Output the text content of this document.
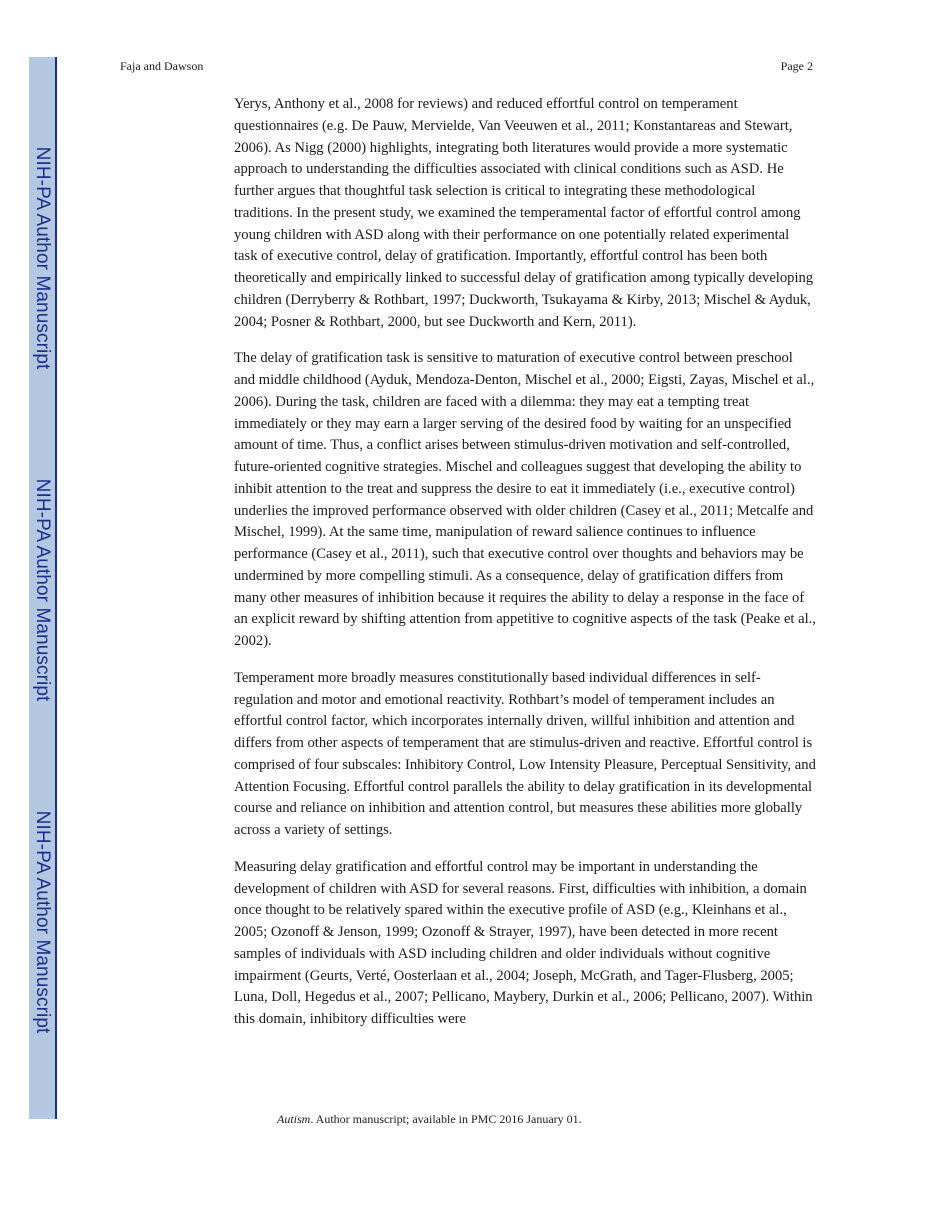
NIH-PA Author Manuscript
NIH-PA Author Manuscript
NIH-PA Author Manuscript
Faja and Dawson	Page 2

Yerys, Anthony et al., 2008 for reviews) and reduced effortful control on temperament questionnaires (e.g. De Pauw, Mervielde, Van Veeuwen et al., 2011; Konstantareas and Stewart, 2006). As Nigg (2000) highlights, integrating both literatures would provide a more systematic approach to understanding the difficulties associated with clinical conditions such as ASD. He further argues that thoughtful task selection is critical to integrating these methodological traditions. In the present study, we examined the temperamental factor of effortful control among young children with ASD along with their performance on one potentially related experimental task of executive control, delay of gratification. Importantly, effortful control has been both theoretically and empirically linked to successful delay of gratification among typically developing children (Derryberry & Rothbart, 1997; Duckworth, Tsukayama & Kirby, 2013; Mischel & Ayduk, 2004; Posner & Rothbart, 2000, but see Duckworth and Kern, 2011).

The delay of gratification task is sensitive to maturation of executive control between preschool and middle childhood (Ayduk, Mendoza-Denton, Mischel et al., 2000; Eigsti, Zayas, Mischel et al., 2006). During the task, children are faced with a dilemma: they may eat a tempting treat immediately or they may earn a larger serving of the desired food by waiting for an unspecified amount of time. Thus, a conflict arises between stimulus-driven motivation and self-controlled, future-oriented cognitive strategies. Mischel and colleagues suggest that developing the ability to inhibit attention to the treat and suppress the desire to eat it immediately (i.e., executive control) underlies the improved performance observed with older children (Casey et al., 2011; Metcalfe and Mischel, 1999). At the same time, manipulation of reward salience continues to influence performance (Casey et al., 2011), such that executive control over thoughts and behaviors may be undermined by more compelling stimuli. As a consequence, delay of gratification differs from many other measures of inhibition because it requires the ability to delay a response in the face of an explicit reward by shifting attention from appetitive to cognitive aspects of the task (Peake et al., 2002).

Temperament more broadly measures constitutionally based individual differences in self-regulation and motor and emotional reactivity. Rothbart’s model of temperament includes an effortful control factor, which incorporates internally driven, willful inhibition and attention and differs from other aspects of temperament that are stimulus-driven and reactive. Effortful control is comprised of four subscales: Inhibitory Control, Low Intensity Pleasure, Perceptual Sensitivity, and Attention Focusing. Effortful control parallels the ability to delay gratification in its developmental course and reliance on inhibition and attention control, but measures these abilities more globally across a variety of settings.

Measuring delay gratification and effortful control may be important in understanding the development of children with ASD for several reasons. First, difficulties with inhibition, a domain once thought to be relatively spared within the executive profile of ASD (e.g., Kleinhans et al., 2005; Ozonoff & Jenson, 1999; Ozonoff & Strayer, 1997), have been detected in more recent samples of individuals with ASD including children and older individuals without cognitive impairment (Geurts, Verté, Oosterlaan et al., 2004; Joseph, McGrath, and Tager-Flusberg, 2005; Luna, Doll, Hegedus et al., 2007; Pellicano, Maybery, Durkin et al., 2006; Pellicano, 2007). Within this domain, inhibitory difficulties were

Autism. Author manuscript; available in PMC 2016 January 01.
